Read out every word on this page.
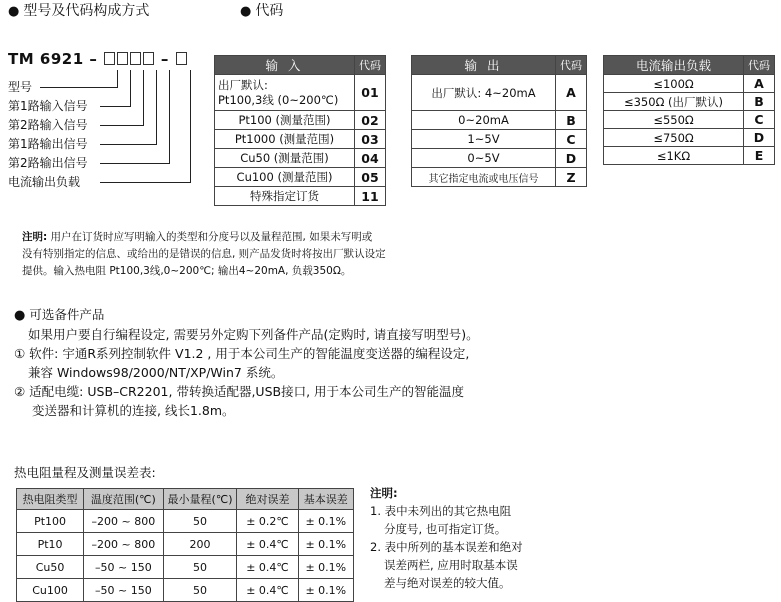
● 型号及代码构成方式	● 代码
TM 6921 –	–
型号
第1路输入信号
第2路输入信号
第1路输出信号
第2路输出信号
电流输出负载
输 入	代码

出厂默认:
Pt100,3线 (0~200℃)	01
Pt100 (测量范围)	02
Pt1000 (测量范围)	03
Cu50 (测量范围)	04
Cu100 (测量范围)	05
特殊指定订货	11
输 出	代码
出厂默认: 4~20mA	A
0~20mA	B
1~5V	C
0~5V	D
其它指定电流或电压信号	Z
电流输出负载	代码
≤100Ω	A
≤350Ω (出厂默认)	B
≤550Ω	C
≤750Ω	D
≤1KΩ	E
注明: 用户在订货时应写明输入的类型和分度号以及量程范围, 如果未写明或
没有特别指定的信息、或给出的是错误的信息, 则产品发货时将按出厂默认设定
提供。输入热电阻 Pt100,3线,0~200℃; 输出4~20mA, 负载350Ω。
● 可选备件产品
如果用户要自行编程设定, 需要另外定购下列备件产品(定购时, 请直接写明型号)。
① 软件: 宇通R系列控制软件 V1.2 , 用于本公司生产的智能温度变送器的编程设定,
兼容 Windows98/2000/NT/XP/Win7 系统。
② 适配电缆: USB–CR2201, 带转换适配器,USB接口, 用于本公司生产的智能温度
变送器和计算机的连接, 线长1.8m。
热电阻量程及测量误差表:
热电阻类型	温度范围(℃)	最小量程(℃)	绝对误差	基本误差
Pt100	–200 ~ 800	50	± 0.2℃	± 0.1%
Pt10	–200 ~ 800	200	± 0.4℃	± 0.1%
Cu50	–50 ~ 150	50	± 0.4℃	± 0.1%
Cu100	–50 ~ 150	50	± 0.4℃	± 0.1%
注明:
1. 表中未列出的其它热电阻
分度号, 也可指定订货。
2. 表中所列的基本误差和绝对
误差两栏, 应用时取基本误
差与绝对误差的较大值。
